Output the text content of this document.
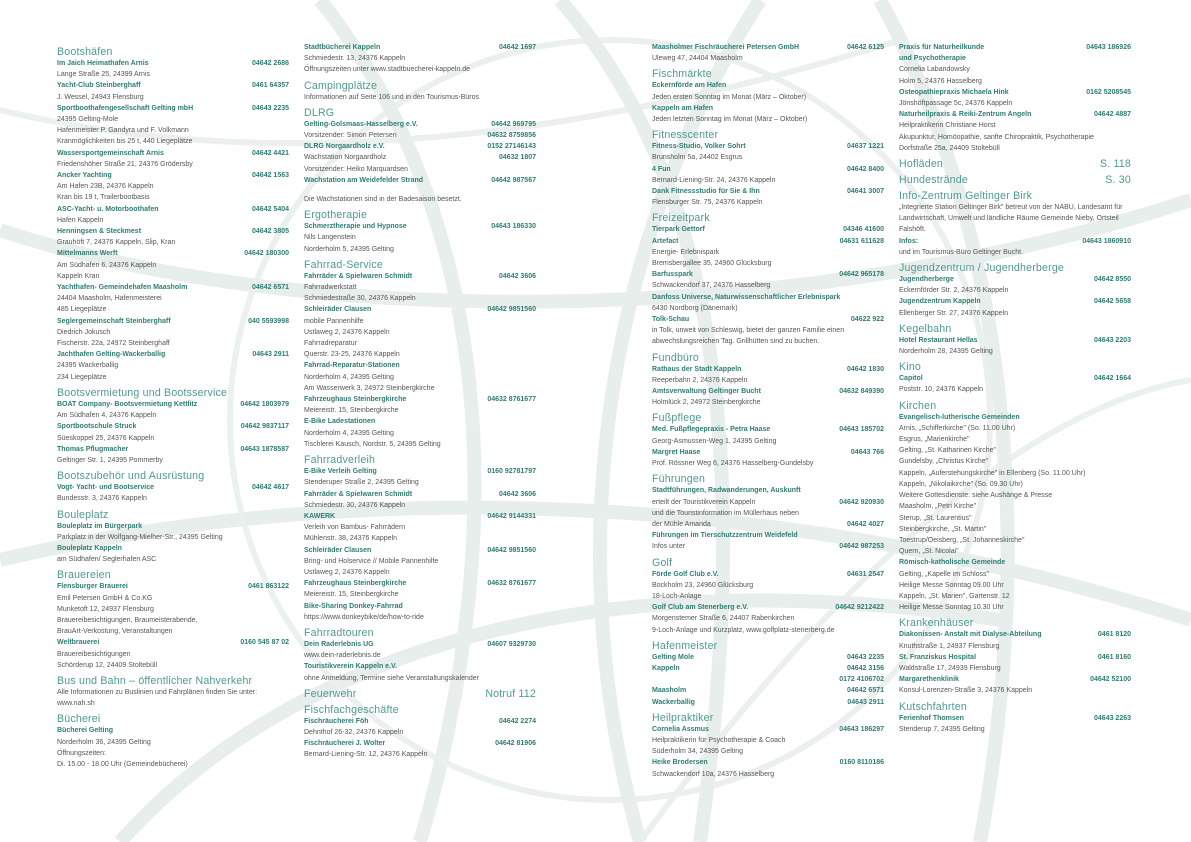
Bootshäfen
Im Jaich Heimathafen Arnis	04642 2686
Lange Straße 25, 24399 Arnis
Yacht-Club Steinberghaff	0461 64357
J. Wessel, 24943 Flensburg
Sportboothafengesellschaft Gelting mbH	04643 2235
24395 Gelting-Mole
Hafenmeister P. Gandyra und F. Volkmann
Kranmöglichkeiten bis 25 t, 440 Liegeplätze
Wassersportgemeinschaft Arnis	04642 4421
Friedenshöher Straße 21, 24376 Grödersby
Ancker Yachting	04642 1563
Am Hafen 23B, 24376 Kappeln
Kran bis 19 t, Trailerbootbasis
ASC-Yacht- u. Motorboothafen	04642 5404
Hafen Kappeln
Henningsen & Steckmest	04642 3805
Grauhöft 7, 24376 Kappeln, Slip, Kran
Mittelmanns Werft	04642 180300
Am Südhafen 6, 24376 Kappeln
Kappeln Kran
Yachthafen- Gemeindehafen Maasholm	04642 6571
24404 Maasholm, Hafenmeisterei
485 Liegeplätze
Seglergemeinschaft Steinberghaff	040 5593998
Diedrich Jokusch
Fischerstr. 22a, 24972 Steinberghaff
Jachthafen Gelting-Wackerballig	04643 2911
24395 Wackerballig
234 Liegeplätze
Bootsvermietung und Bootsservice
BOAT Company- Bootsvermietung Kettlitz	04642 1803979
Am Südhafen 4, 24376 Kappeln
Sportbootschule Struck	04642 9837117
Süeskoppel 25, 24376 Kappeln
Thomas Pflugmacher	04643 1878587
Geltinger Str. 1, 24395 Pommerby
Bootszubehör und Ausrüstung
Vogt- Yacht- und Bootservice	04642 4617
Bundesstr. 3, 24376 Kappeln
Bouleplatz
Bouleplatz im Bürgerpark
Parkplatz in der Wolfgang-Mielher-Str., 24395 Gelting
Bouleplatz Kappeln
am Südhafen/ Seglerhafen ASC
Brauereien
Flensburger Brauerei	0461 863122
Emil Petersen GmbH & Co.KG
Munketoft 12, 24937 Flensburg
Brauereibesichtigungen, Braumeisterabende,
BrauArt-Verkostung, Veranstaltungen
Weltbrauerei	0160 545 87 02
Brauereibesichtigungen
Schörderup 12, 24409 Stoltebüll
Bus und Bahn – öffentlicher Nahverkehr
Alle Informationen zu Buslinien und Fahrplänen finden Sie unter: www.nah.sh
Bücherei
Bücherei Gelting
Norderholm 36, 24395 Gelting
Öffnungszeiten:
Di. 15.00 - 18.00 Uhr (Gemeindebücherei)
Stadtbücherei Kappeln	04642 1697
Schmiedestr. 13, 24376 Kappeln
Öffnungszeiten unter www.stadtbuecherei-kappeln.de
Campingplätze
Informationen auf Seite 106 und in den Tourismus-Büros
DLRG
Gelting-Golsmaas-Hasselberg e.V.	04642 969795
Vorsitzender: Simon Petersen	04632 8759856
DLRG Norgaardholz e.V.	0152 27146143
Wachstation Norgaardholz	04632 1807
Vorsitzender: Heiko Marquardsen
Wachstation am Weidefelder Strand	04642 987567
Die Wachstationen sind in der Badesaison besetzt.
Ergotherapie
Schmerztherapie und Hypnose	04643 186330
Nils Langenstein
Norderholm 5, 24395 Gelting
Fahrrad-Service
Fahrräder & Spielwaren Schmidt	04642 3606
Fahrradwerkstatt
Schmiedestraße 30, 24376 Kappeln
Schleiräder Clausen	04642 9851560
mobile Pannenhilfe
Ustlaweg 2, 24376 Kappeln
Fahrradreparatur
Querstr. 23-25, 24376 Kappeln
Fahrrad-Reparatur-Stationen
Norderholm 4, 24395 Gelting
Am Wasserwerk 3, 24972 Steinbergkirche
Fahrzeughaus Steinbergkirche	04632 8761677
Meiereistr. 15, Steinbergkirche
E-Bike Ladestationen
Norderholm 4, 24395 Gelting
Tischlerei Kausch, Nordstr. 5, 24395 Gelting
Fahrradverleih
E-Bike Verleih Gelting	0160 92781797
Stenderuper Straße 2, 24395 Gelting
Fahrräder & Spielwaren Schmidt	04642 3606
Schmiedestr. 30, 24376 Kappeln
KAWERK	04642 9144331
Verleih von Bambus- Fahrrädern
Mühlenstr. 38, 24376 Kappeln
Schleiräder Clausen	04642 9851560
Bring- und Holservice // Mobile Pannenhilfe
Ustlaweg 2, 24376 Kappeln
Fahrzeughaus Steinbergkirche	04632 8761677
Meiereistr. 15, Steinbergkirche
Bike-Sharing Donkey-Fahrrad
https://www.donkeybike/de/how-to-ride
Fahrradtouren
Dein Raderlebnis UG	04607 9329730
www.dein-raderlebnis.de
Touristikverein Kappeln e.V.
ohne Anmeldung, Termine siehe Veranstaltungskalender
Feuerwehr	Notruf 112
Fischfachgeschäfte
Fischräucherei Föh	04642 2274
Dehnthof 26-32, 24376 Kappeln
Fischräucherei J. Wolter	04642 81906
Bernard-Liening-Str. 12, 24376 Kappeln
Maasholmer Fischräucherei Petersen GmbH	04642 6125
Uleweg 47, 24404 Maasholm
Fischmärkte
Eckernförde am Hafen
Jeden ersten Sonntag im Monat (März – Oktober)
Kappeln am Hafen
Jeden letzten Sonntag im Monat (März – Oktober)
Fitnesscenter
Fitness-Studio, Volker Sohrt	04637 1221
Brunsholm 5a, 24402 Esgrus
4 Fun	04642 8400
Bernard-Liening-Str. 24, 24376 Kappeln
Dank Fitnessstudio für Sie & Ihn	04641 3007
Flensburger Str. 75, 24376 Kappeln
Freizeitpark
Tierpark Gettorf	04346 41600
Artefact	04631 611628
Energie- Erlebnispark
Bremsbergallee 35, 24960 Glücksburg
Barfusspark	04642 965178
Schwackendorf 37, 24376 Hasselberg
Danfoss Universe, Naturwissenschaftlicher Erlebnispark
6430 Nordborg (Dänemark)
Tolk-Schau	04622 922
in Tolk, unweit von Schleswig, bietet der ganzen Familie einen
abwechslungsreichen Tag. Grillhütten sind zu buchen.
Fundbüro
Rathaus der Stadt Kappeln	04642 1830
Reeperbahn 2, 24376 Kappeln
Amtsverwaltung Geltinger Bucht	04632 849390
Holmlück 2, 24972 Steinbergkirche
Fußpflege
Med. Fußpflegepraxis - Petra Haase	04643 185702
Georg-Asmussen-Weg 1, 24395 Gelting
Margret Haase	04643 766
Prof. Rössner Weg 6, 24376 Hasselberg-Gundelsby
Führungen
Stadtführungen, Radwanderungen, Auskunft
erteilt der Touristikverein Kappeln	04642 920930
und die Touristinformation im Müllerhaus neben
der Mühle Amanda	04642 4027
Führungen im Tierschutzzentrum Weidefeld
Infos unter	04642 987253
Golf
Förde Golf Club e.V.	04631 2547
Bockholm 23, 24960 Glücksburg
18-Loch-Anlage
Golf Club am Stenerberg e.V.	04642 9212422
Morgenstemer Straße 6, 24407 Rabenkirchen
9-Loch-Anlage und Kurzplatz, www.golfplatz-stenerberg.de
Hafenmeister
Gelting Mole	04643 2235
Kappeln	04642 3156
0172 4106702
Maasholm	04642 6571
Wackerballig	04643 2911
Heilpraktiker
Cornelia Assmus	04643 186297
Heilpraktikerin für Psychotherapie & Coach
Süderholm 34, 24395 Gelting
Heike Brodersen	0160 8110186
Schwackendorf 10a, 24376 Hasselberg
Praxis für Naturheilkunde	04643 186926
und Psychotherapie
Cornelia Labandowsky
Holm 5, 24376 Hasselberg
Osteopathiepraxis Michaela Hink	0162 5208545
Jönshöftpassage 5c, 24376 Kappeln
Naturheilpraxis & Reiki-Zentrum Angeln	04642 4887
Heilpraktikerin Christiane Horst
Akupunktur, Homöopathie, sanfte Chiropraktik, Psychotherapie
Dorfstraße 25a, 24409 Stoltebüll
Hofläden	S. 118
Hundestrände	S. 30
Info-Zentrum Geltinger Birk
„Integrierte Station Geltinger Birk" betreut von der NABU, Landesamt für Landwirtschaft, Umwelt und ländliche Räume Gemeinde Nieby, Ortsteil Falshöft.
Infos:	04643 1860910
und im Tourismus-Büro Geltinger Bucht.
Jugendzentrum / Jugendherberge
Jugendherberge	04642 8550
Eckernförder Str. 2, 24376 Kappeln
Jugendzentrum Kappeln	04642 5658
Ellenberger Str. 27, 24376 Kappeln
Kegelbahn
Hotel Restaurant Hellas	04643 2203
Norderholm 28, 24395 Gelting
Kino
Capitol	04642 1664
Poststr. 10, 24376 Kappeln
Kirchen
Evangelisch-lutherische Gemeinden
Arnis, „Schifferkirche" (So. 11.00 Uhr)
Esgrus, „Marienkirche"
Gelting, „St. Katharinen Kirche"
Gundelsby, „Christus Kirche"
Kappeln, „Auferstehungskirche" in Ellenberg (So. 11.00 Uhr)
Kappeln, „Nikolaikirche" (So. 09.30 Uhr)
Weitere Gottesdienste: siehe Aushänge & Presse
Maasholm, „Petri Kirche"
Sterup, „St. Laurentius"
Steinbergkirche, „St. Martin"
Toestrup/Oeisberg, „St. Johanneskirche"
Quern, „St. Nicolai"
Römisch-katholische Gemeinde
Gelting, „Kapelle im Schloss"
Heilige Messe Sonntag 09.00 Uhr
Kappeln, „St. Marien", Gartenstr. 12
Heilige Messe Sonntag 10.30 Uhr
Krankenhäuser
Diakonissen- Anstalt mit Dialyse-Abteilung	0461 8120
Knuthstraße 1, 24937 Flensburg
St. Franziskus Hospital	0461 8160
Waldstraße 17, 24939 Flensburg
Margarethenklinik	04642 52100
Konsul-Lorenzen-Straße 3, 24376 Kappeln
Kutschfahrten
Ferienhof Thomsen	04643 2263
Stenderup 7, 24395 Gelting
